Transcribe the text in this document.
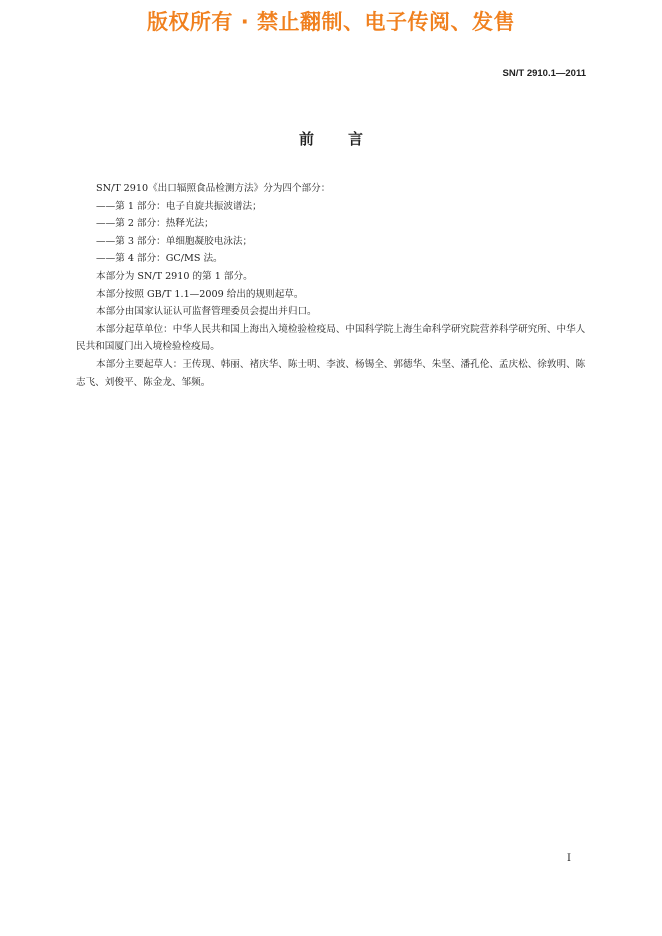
版权所有 · 禁止翻制、电子传阅、发售
SN/T 2910.1—2011
前言

SN/T 2910《出口辐照食品检测方法》分为四个部分：

——第 1 部分：电子自旋共振波谱法；

——第 2 部分：热释光法；

——第 3 部分：单细胞凝胶电泳法；

——第 4 部分：GC/MS 法。

本部分为 SN/T 2910 的第 1 部分。

本部分按照 GB/T 1.1—2009 给出的规则起草。

本部分由国家认证认可监督管理委员会提出并归口。

本部分起草单位：中华人民共和国上海出入境检验检疫局、中国科学院上海生命科学研究院营养科学研究所、中华人民共和国厦门出入境检验检疫局。

本部分主要起草人：王传现、韩丽、褚庆华、陈士明、李波、杨锡全、郭德华、朱坚、潘孔伦、孟庆松、徐敦明、陈志飞、刘俊平、陈金龙、邹频。

I
